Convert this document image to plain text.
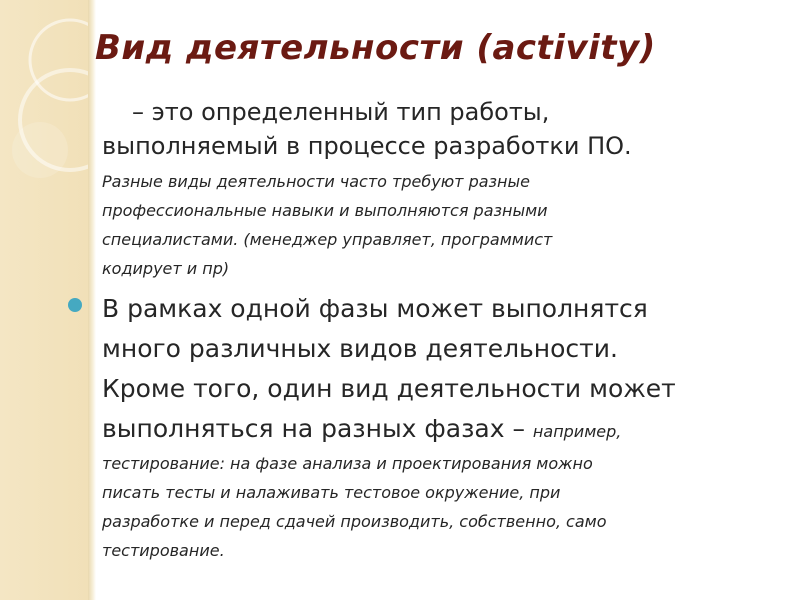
Вид деятельности (activity)
– это определенный тип работы,
выполняемый в процессе разработки ПО.
Разные виды деятельности часто требуют разные
профессиональные навыки и выполняются разными
специалистами. (менеджер управляет, программист
кодирует и пр)
В рамках одной фазы может выполнятся
много различных видов деятельности.
Кроме того, один вид деятельности может
выполняться на разных фазах – например,
тестирование: на фазе анализа и проектирования можно
писать тесты и налаживать тестовое окружение, при
разработке и перед сдачей производить, собственно, само
тестирование.
